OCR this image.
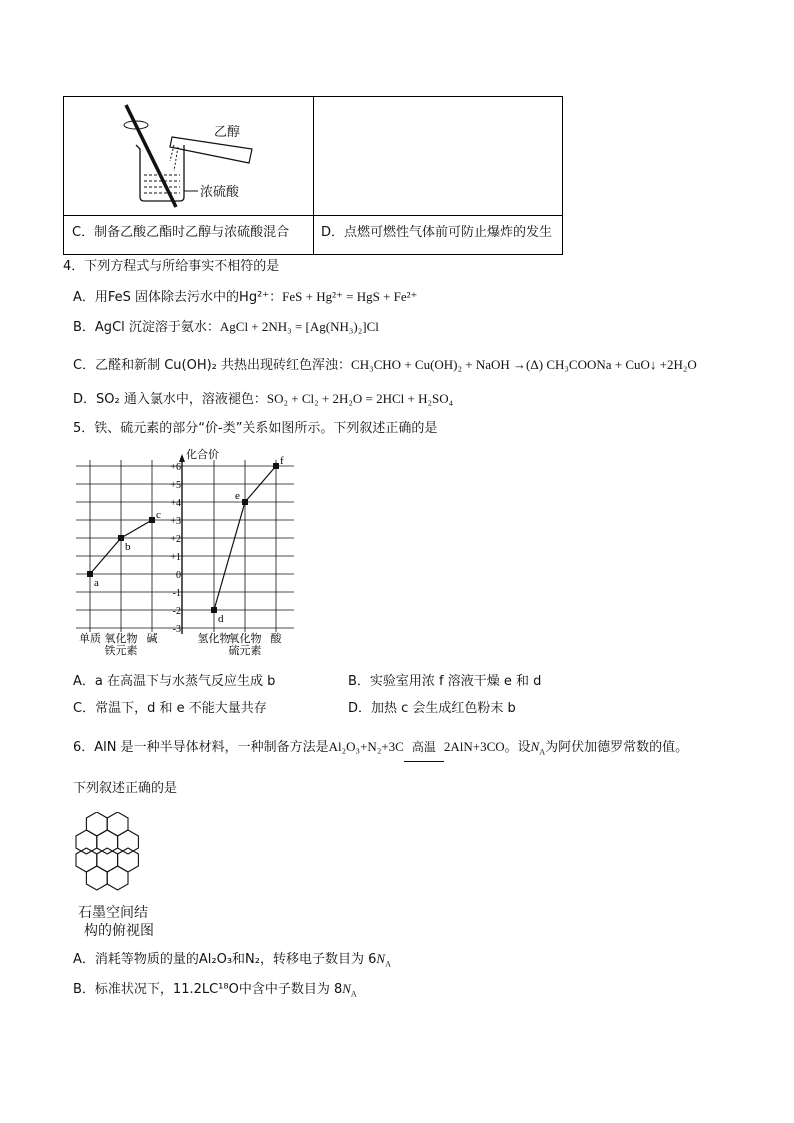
乙醇
浓硫酸
C．制备乙酸乙酯时乙醇与浓硫酸混合 D．点燃可燃性气体前可防止爆炸的发生
4．下列方程式与所给事实不相符的是
A．用FeS 固体除去污水中的Hg²⁺：FeS + Hg²⁺ = HgS + Fe²⁺
B．AgCl 沉淀溶于氨水：AgCl + 2NH₃ = [Ag(NH₃)₂]Cl
C．乙醛和新制 Cu(OH)₂ 共热出现砖红色浑浊：CH₃CHO + Cu(OH)₂ + NaOH →(Δ) CH₃COONa + CuO↓ +2H₂O
D．SO₂ 通入氯水中，溶液褪色：SO₂ + Cl₂ + 2H₂O = 2HCl + H₂SO₄
5．铁、硫元素的部分“价-类”关系如图所示。下列叙述正确的是
化合价
+6
+5
+4
+3
+2
+1
0
-1
-2
-3
a
b
c
单质 氧化物 碱
铁元素
d
e
f
氢化物
氧化物 酸
硫元素
A．a 在高温下与水蒸气反应生成 b	B．实验室用浓 f 溶液干燥 e 和 d
C．常温下，d 和 e 不能大量共存	D．加热 c 会生成红色粉末 b
6．AlN 是一种半导体材料，一种制备方法是Al₂O₃+N₂+3C 高温 2AlN+3CO。设$N_A$为阿伏加德罗常数的值。
下列叙述正确的是
石墨空间结
构的俯视图
A．消耗等物质的量的Al₂O₃和N₂，转移电子数目为 $6N_A$
B．标准状况下，11.2LC¹⁸O中含中子数目为 $8N_A$
